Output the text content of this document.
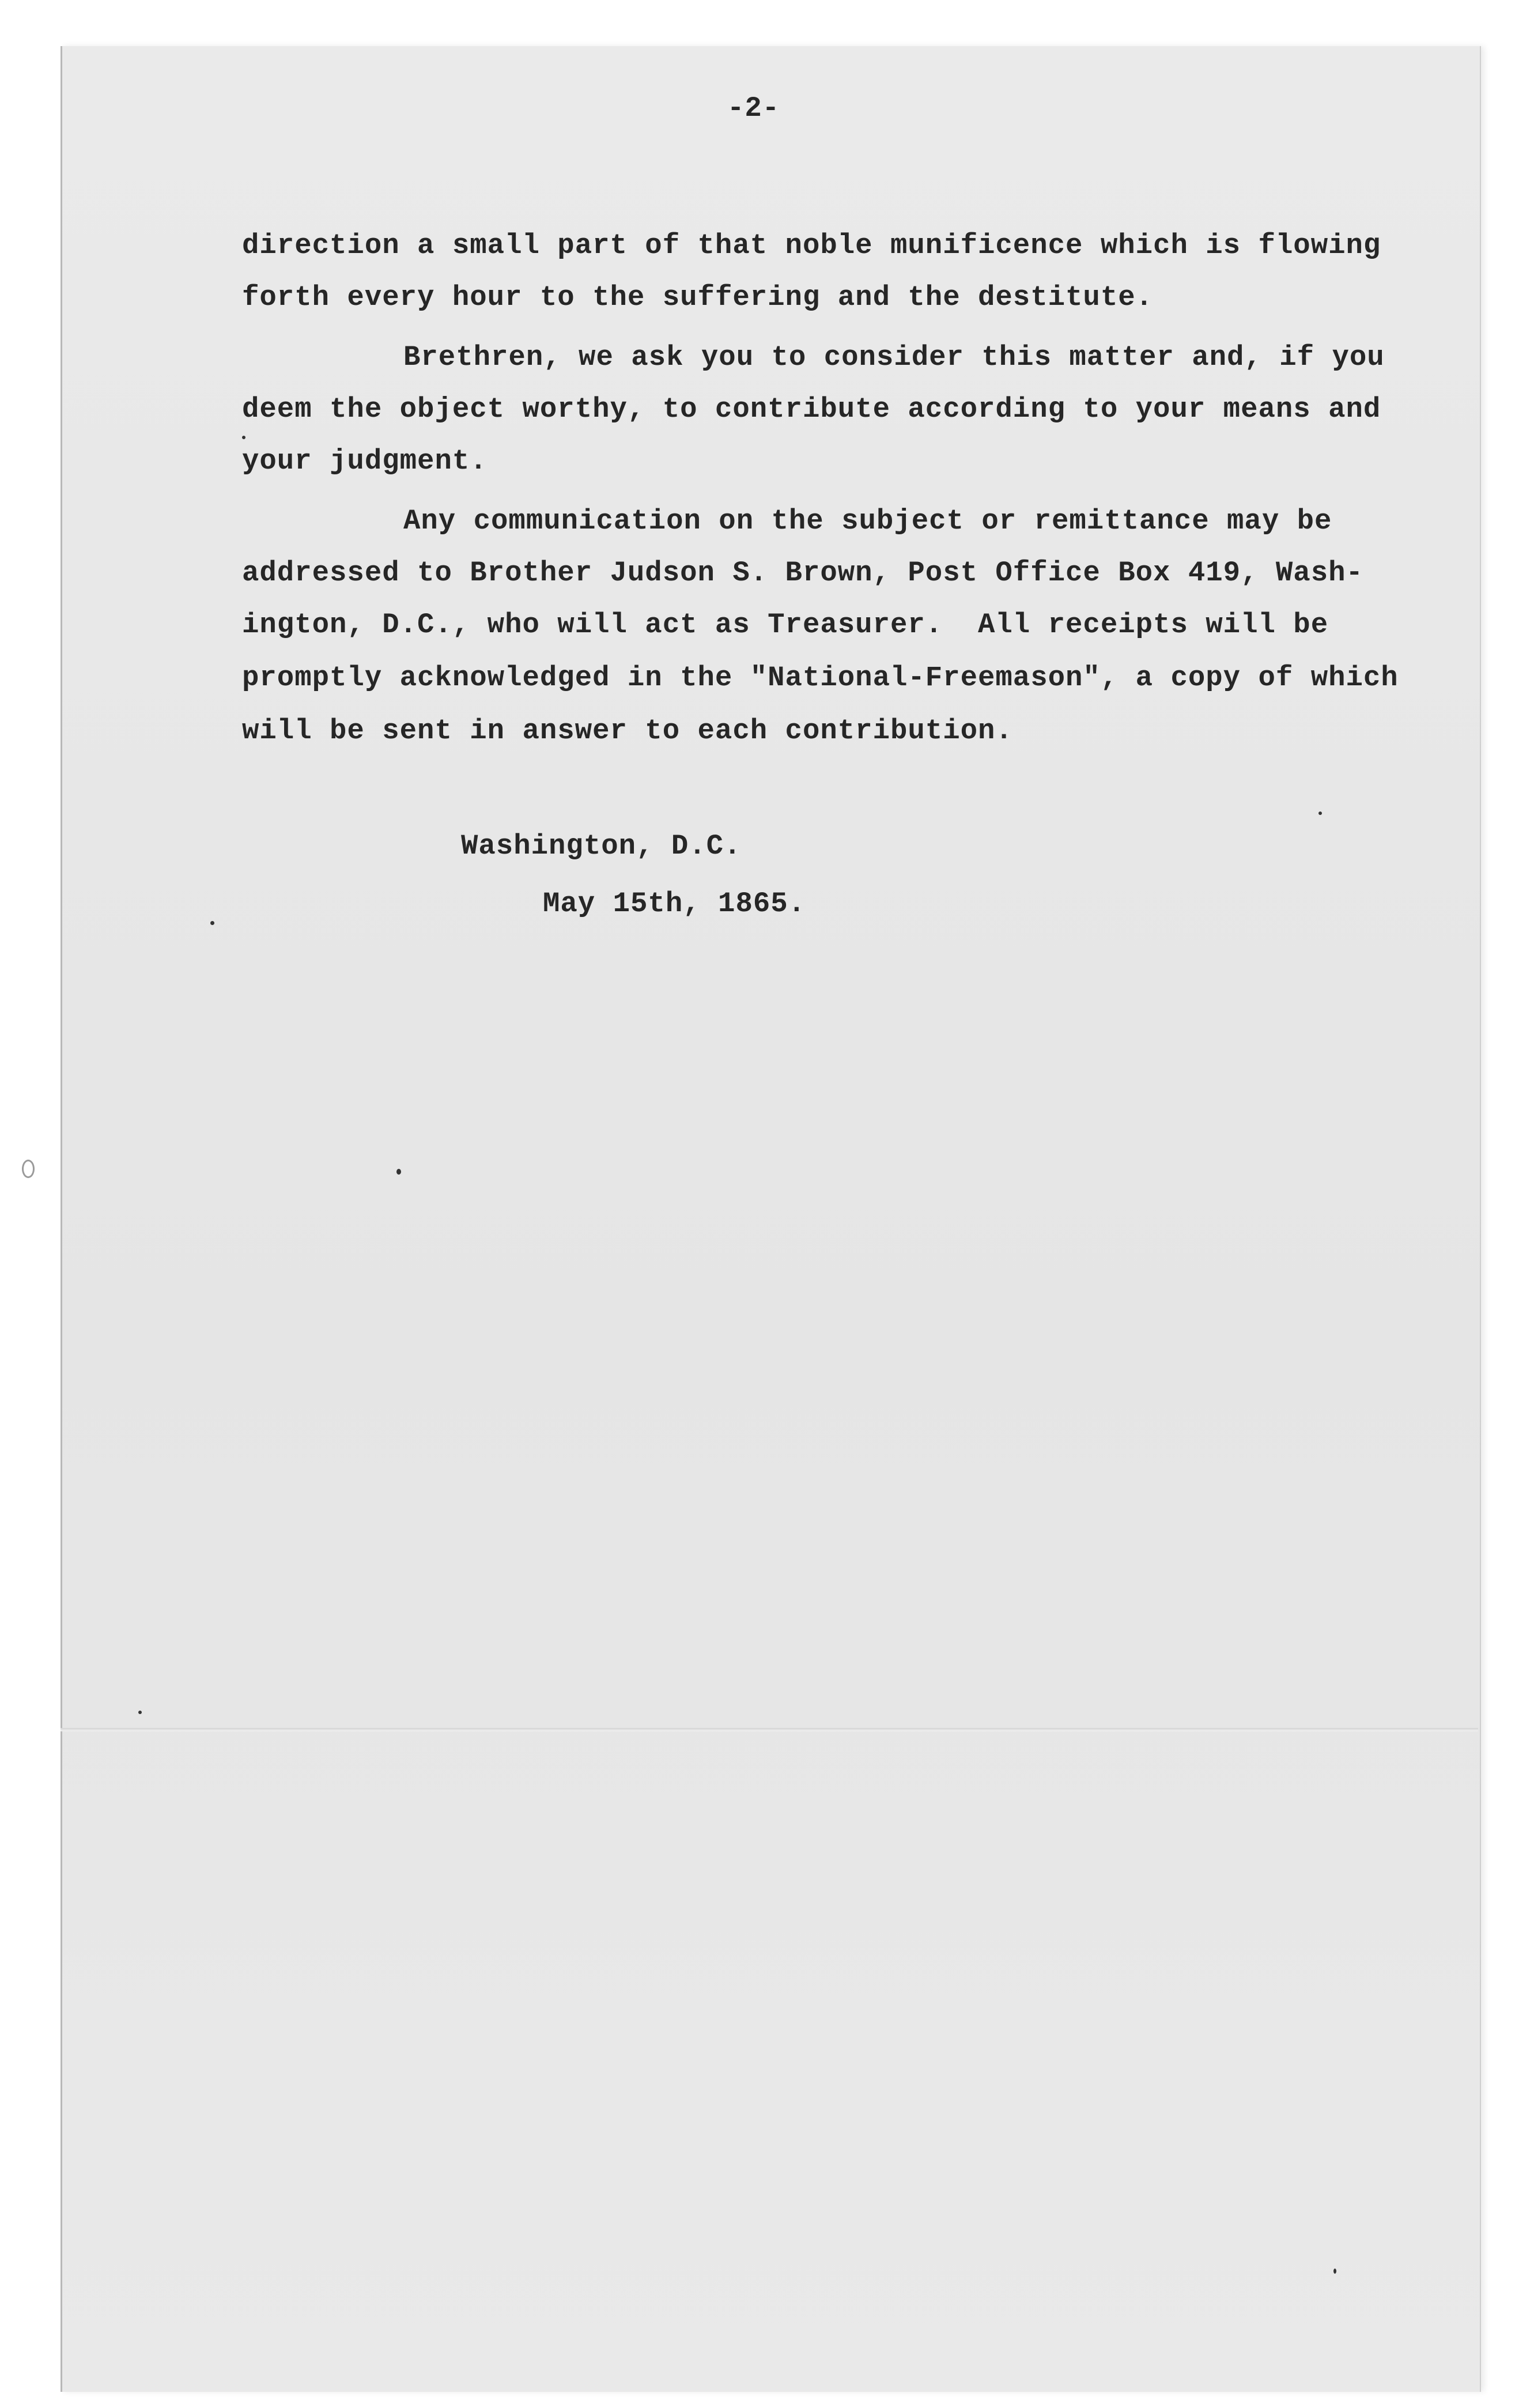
-2-
direction a small part of that noble munificence which is flowing
forth every hour to the suffering and the destitute.
Brethren, we ask you to consider this matter and, if you
deem the object worthy, to contribute according to your means and
your judgment.
Any communication on the subject or remittance may be
addressed to Brother Judson S. Brown, Post Office Box 419, Wash-
ington, D.C., who will act as Treasurer.  All receipts will be
promptly acknowledged in the "National-Freemason", a copy of which
will be sent in answer to each contribution.
Washington, D.C.
May 15th, 1865.
